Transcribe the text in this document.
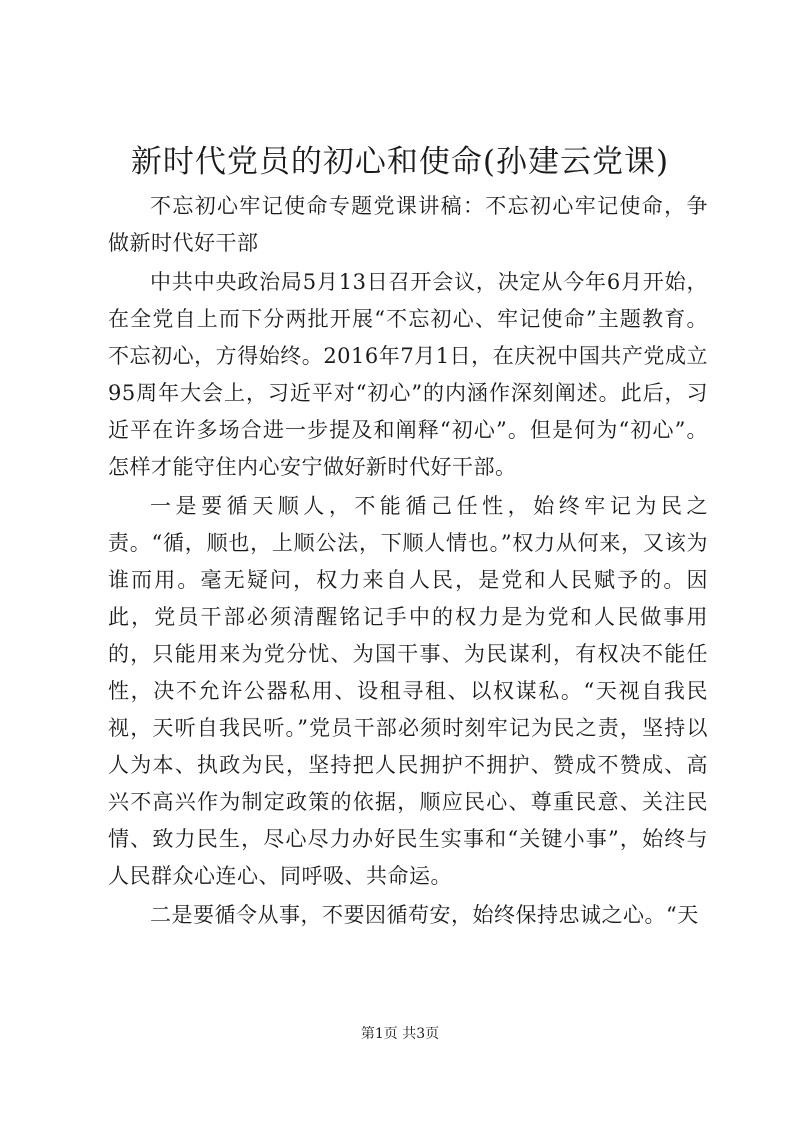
新时代党员的初心和使命(孙建云党课)

不忘初心牢记使命专题党课讲稿：不忘初心牢记使命，争做新时代好干部

中共中央政治局5月13日召开会议，决定从今年6月开始，在全党自上而下分两批开展“不忘初心、牢记使命”主题教育。不忘初心，方得始终。2016年7月1日，在庆祝中国共产党成立95周年大会上，习近平对“初心”的内涵作深刻阐述。此后，习近平在许多场合进一步提及和阐释“初心”。但是何为“初心”。怎样才能守住内心安宁做好新时代好干部。

一是要循天顺人，不能循己任性，始终牢记为民之责。“循，顺也，上顺公法，下顺人情也。”权力从何来，又该为谁而用。毫无疑问，权力来自人民，是党和人民赋予的。因此，党员干部必须清醒铭记手中的权力是为党和人民做事用的，只能用来为党分忧、为国干事、为民谋利，有权决不能任性，决不允许公器私用、设租寻租、以权谋私。“天视自我民视，天听自我民听。”党员干部必须时刻牢记为民之责，坚持以人为本、执政为民，坚持把人民拥护不拥护、赞成不赞成、高兴不高兴作为制定政策的依据，顺应民心、尊重民意、关注民情、致力民生，尽心尽力办好民生实事和“关键小事”，始终与人民群众心连心、同呼吸、共命运。

二是要循令从事，不要因循苟安，始终保持忠诚之心。“天

第1页 共3页
